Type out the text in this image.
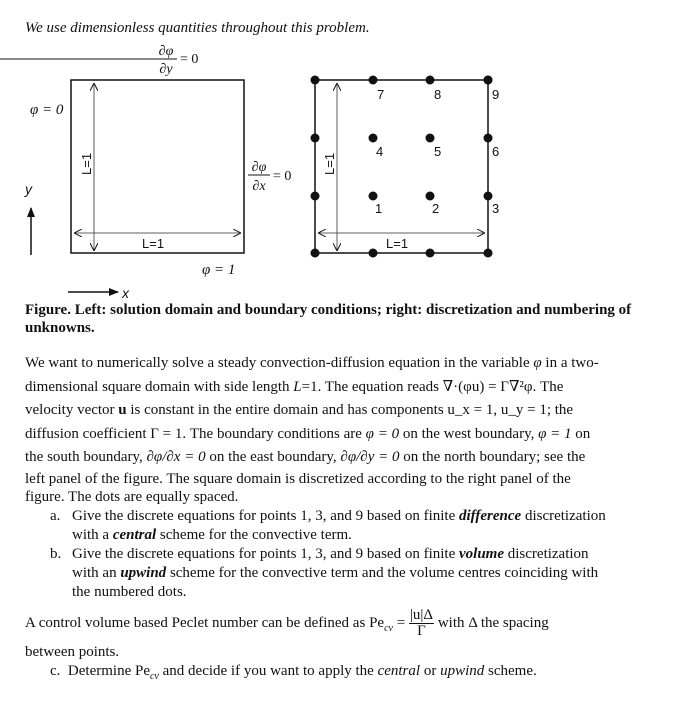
We use dimensionless quantities throughout this problem.
∂φ
∂y
= 0
φ = 0
∂φ
∂x
= 0
φ = 1
L=1
L=1
y
x
L=1
L=1
7	8	9
4	5	6
1	2	3
Figure. Left: solution domain and boundary conditions; right: discretization and numbering of
unknowns.
We want to numerically solve a steady convection-diffusion equation in the variable φ in a two-
dimensional square domain with side length L=1. The equation reads ∇·(φu) = Γ∇²φ. The
velocity vector u is constant in the entire domain and has components u_x = 1, u_y = 1; the
diffusion coefficient Γ = 1. The boundary conditions are φ = 0 on the west boundary, φ = 1 on
the south boundary, ∂φ/∂x = 0 on the east boundary, ∂φ/∂y = 0 on the north boundary; see the
left panel of the figure. The square domain is discretized according to the right panel of the
figure. The dots are equally spaced.
a. Give the discrete equations for points 1, 3, and 9 based on finite difference discretization
with a central scheme for the convective term.
b. Give the discrete equations for points 1, 3, and 9 based on finite volume discretization
with an upwind scheme for the convective term and the volume centres coinciding with
the numbered dots.
A control volume based Peclet number can be defined as $Pe_{cv} = \frac{|u|\Delta}{\Gamma}$ with Δ the spacing
between points.
c. Determine $Pe_{cv}$ and decide if you want to apply the central or upwind scheme.
